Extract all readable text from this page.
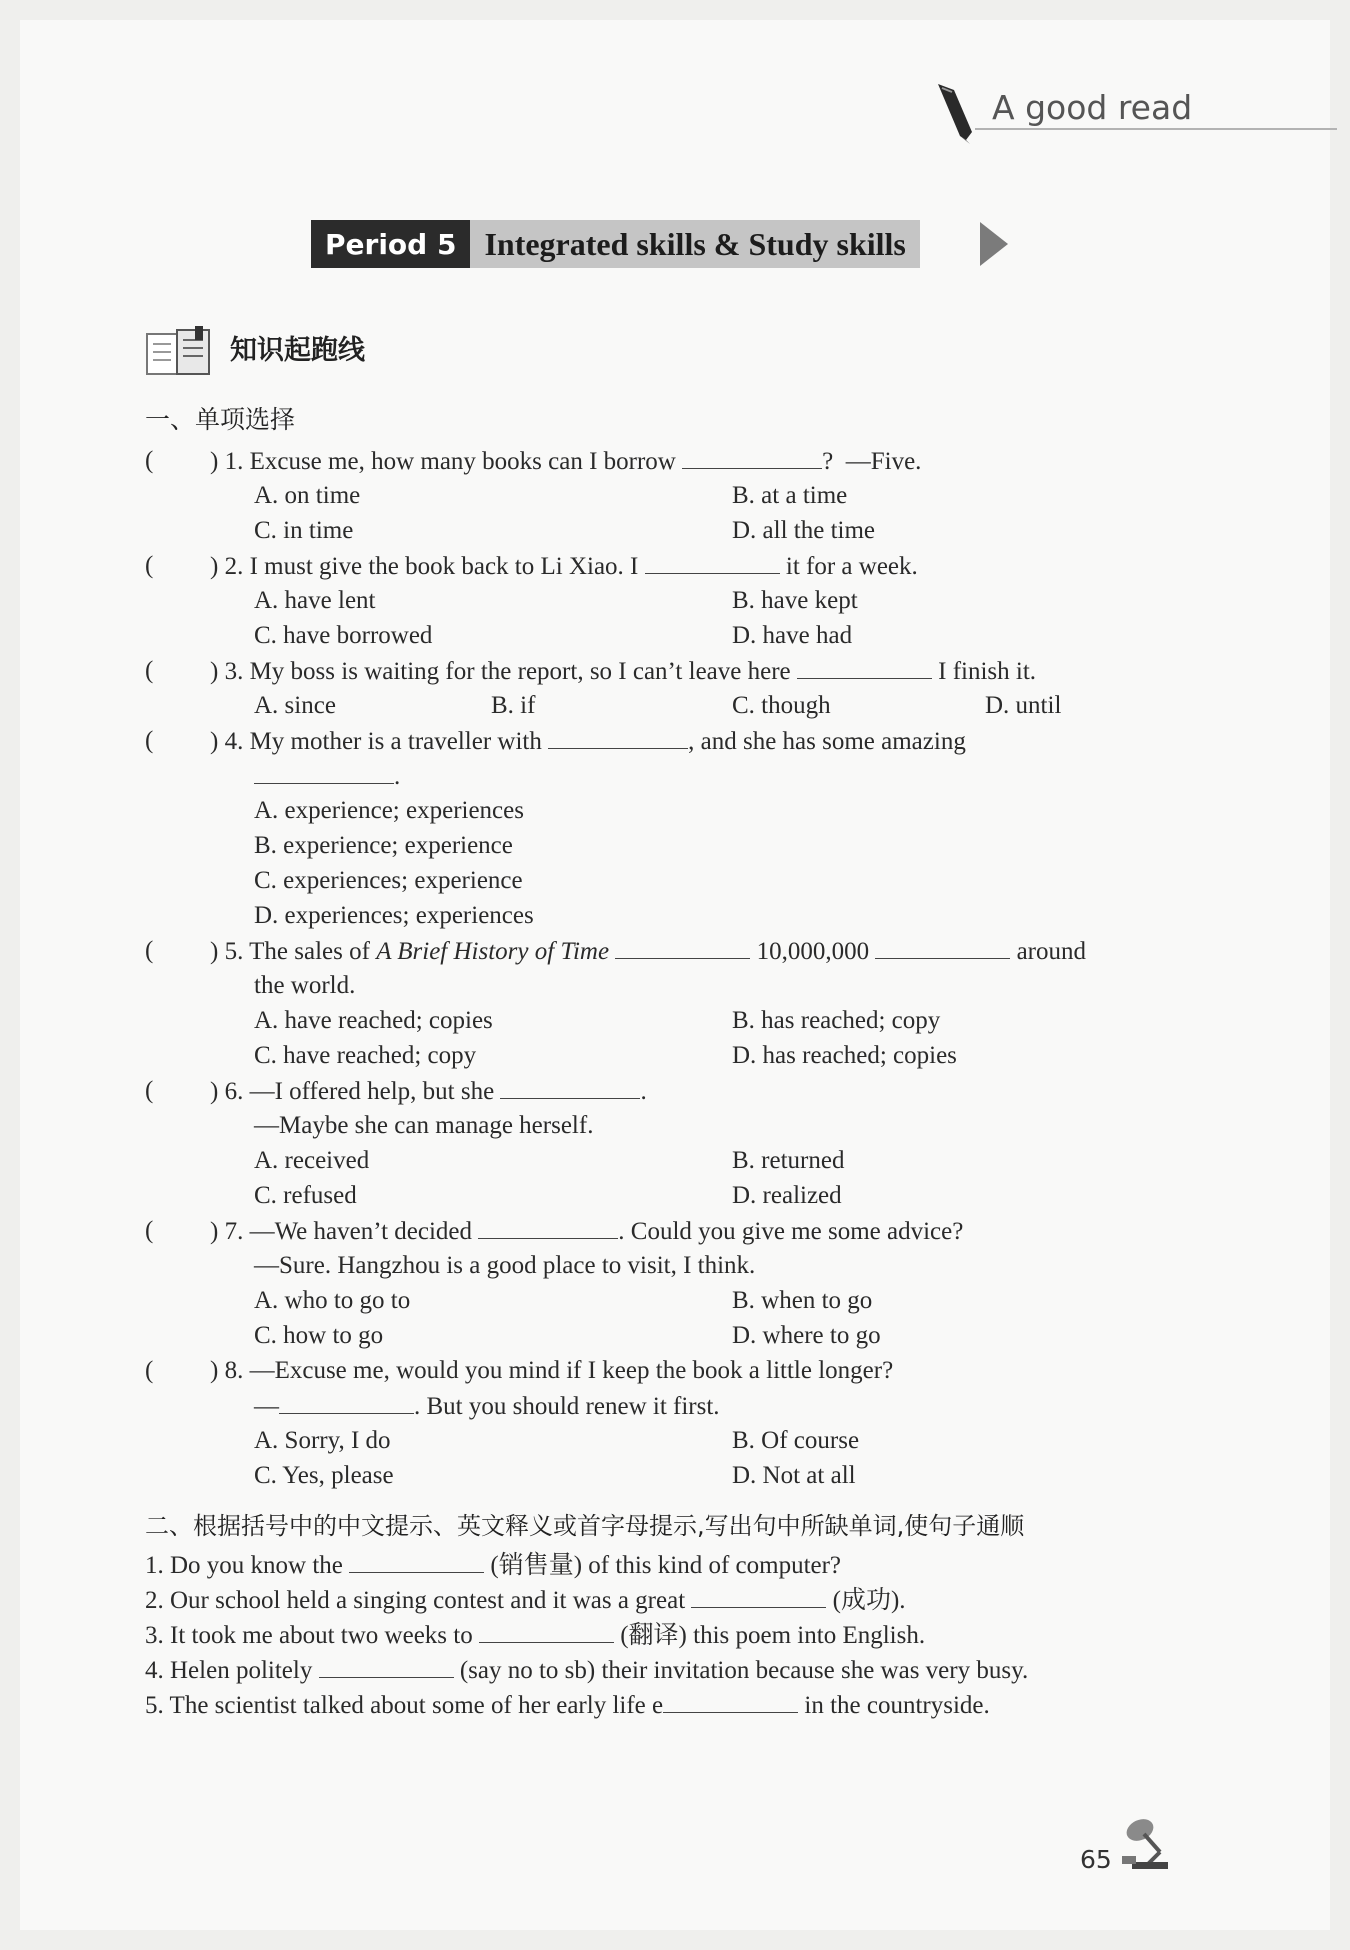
A good read
Period 5 Integrated skills & Study skills
知识起跑线
一、单项选择
( ) 1. Excuse me, how many books can I borrow	? —Five.
A. on time	B. at a time
C. in time	D. all the time
( ) 2. I must give the book back to Li Xiao. I	it for a week.
A. have lent	B. have kept
C. have borrowed	D. have had
( ) 3. My boss is waiting for the report, so I can’t leave here	I finish it.
A. since	B. if	C. though	D. until
( ) 4. My mother is a traveller with	, and she has some amazing
.
A. experience; experiences
B. experience; experience
C. experiences; experience
D. experiences; experiences
( ) 5. The sales of A Brief History of Time	10,000,000	around
the world.
A. have reached; copies	B. has reached; copy
C. have reached; copy	D. has reached; copies
( ) 6. —I offered help, but she	.
—Maybe she can manage herself.
A. received	B. returned
C. refused	D. realized
( ) 7. —We haven’t decided	. Could you give me some advice?
—Sure. Hangzhou is a good place to visit, I think.
A. who to go to	B. when to go
C. how to go	D. where to go
( ) 8. —Excuse me, would you mind if I keep the book a little longer?
—	. But you should renew it first.
A. Sorry, I do	B. Of course
C. Yes, please	D. Not at all
二、根据括号中的中文提示、英文释义或首字母提示,写出句中所缺单词,使句子通顺
1. Do you know the	(销售量) of this kind of computer?
2. Our school held a singing contest and it was a great	(成功).
3. It took me about two weeks to	(翻译) this poem into English.
4. Helen politely	(say no to sb) their invitation because she was very busy.
5. The scientist talked about some of her early life e	in the countryside.
65
